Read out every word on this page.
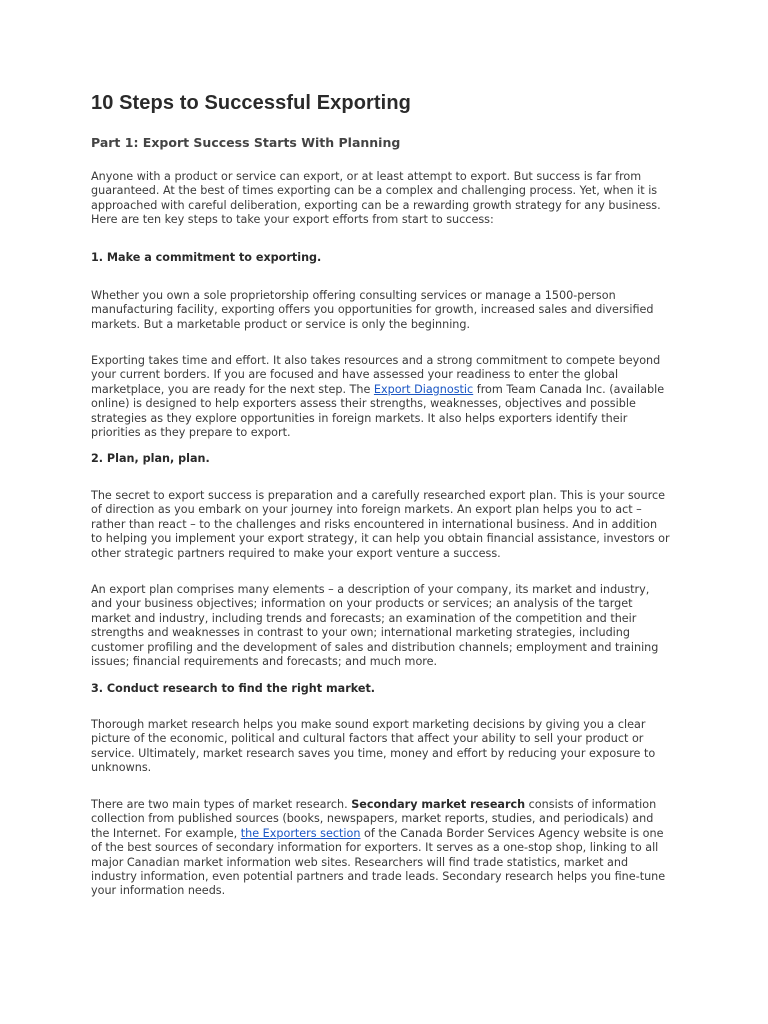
10 Steps to Successful Exporting
Part 1: Export Success Starts With Planning

Anyone with a product or service can export, or at least attempt to export. But success is far from
guaranteed. At the best of times exporting can be a complex and challenging process. Yet, when it is
approached with careful deliberation, exporting can be a rewarding growth strategy for any business.
Here are ten key steps to take your export efforts from start to success:

1. Make a commitment to exporting.

Whether you own a sole proprietorship offering consulting services or manage a 1500-person
manufacturing facility, exporting offers you opportunities for growth, increased sales and diversified
markets. But a marketable product or service is only the beginning.

Exporting takes time and effort. It also takes resources and a strong commitment to compete beyond
your current borders. If you are focused and have assessed your readiness to enter the global
marketplace, you are ready for the next step. The Export Diagnostic from Team Canada Inc. (available
online) is designed to help exporters assess their strengths, weaknesses, objectives and possible
strategies as they explore opportunities in foreign markets. It also helps exporters identify their
priorities as they prepare to export.

2. Plan, plan, plan.

The secret to export success is preparation and a carefully researched export plan. This is your source
of direction as you embark on your journey into foreign markets. An export plan helps you to act –
rather than react – to the challenges and risks encountered in international business. And in addition
to helping you implement your export strategy, it can help you obtain financial assistance, investors or
other strategic partners required to make your export venture a success.

An export plan comprises many elements – a description of your company, its market and industry,
and your business objectives; information on your products or services; an analysis of the target
market and industry, including trends and forecasts; an examination of the competition and their
strengths and weaknesses in contrast to your own; international marketing strategies, including
customer profiling and the development of sales and distribution channels; employment and training
issues; financial requirements and forecasts; and much more.

3. Conduct research to find the right market.

Thorough market research helps you make sound export marketing decisions by giving you a clear
picture of the economic, political and cultural factors that affect your ability to sell your product or
service. Ultimately, market research saves you time, money and effort by reducing your exposure to
unknowns.

There are two main types of market research. Secondary market research consists of information
collection from published sources (books, newspapers, market reports, studies, and periodicals) and
the Internet. For example, the Exporters section of the Canada Border Services Agency website is one
of the best sources of secondary information for exporters. It serves as a one-stop shop, linking to all
major Canadian market information web sites. Researchers will find trade statistics, market and
industry information, even potential partners and trade leads. Secondary research helps you fine-tune
your information needs.
